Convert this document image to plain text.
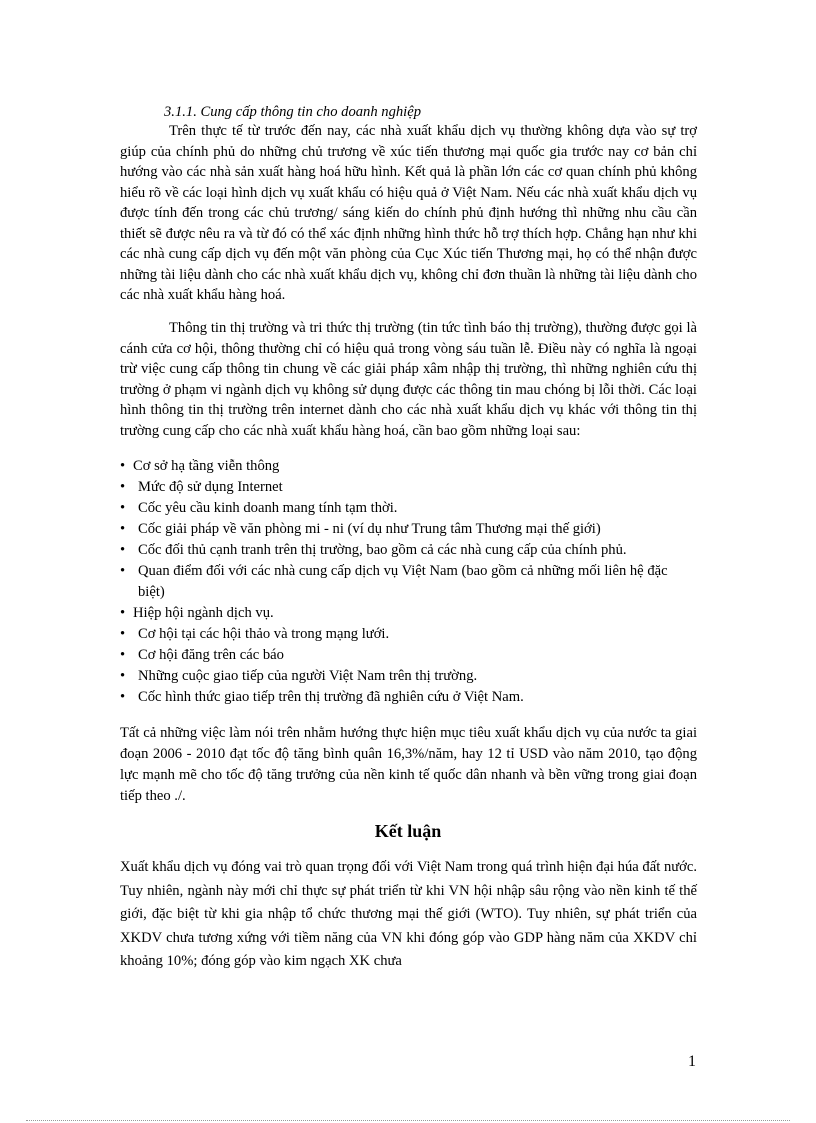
3.1.1. Cung cấp thông tin cho doanh nghiệp

Trên thực tế từ trước đến nay, các nhà xuất khẩu dịch vụ thường không dựa vào sự trợ giúp của chính phủ do những chủ trương về xúc tiến thương mại quốc gia trước nay cơ bản chỉ hướng vào các nhà sản xuất hàng hoá hữu hình. Kết quả là phần lớn các cơ quan chính phủ không hiểu rõ về các loại hình dịch vụ xuất khẩu có hiệu quả ở Việt Nam. Nếu các nhà xuất khẩu dịch vụ được tính đến trong các chủ trương/ sáng kiến do chính phủ định hướng thì những nhu cầu cần thiết sẽ được nêu ra và từ đó có thể xác định những hình thức hỗ trợ thích hợp. Chẳng hạn như khi các nhà cung cấp dịch vụ đến một văn phòng của Cục Xúc tiến Thương mại, họ có thể nhận được những tài liệu dành cho các nhà xuất khẩu dịch vụ, không chỉ đơn thuần là những tài liệu dành cho các nhà xuất khẩu hàng hoá.

Thông tin thị trường và tri thức thị trường (tin tức tình báo thị trường), thường được gọi là cánh cửa cơ hội, thông thường chỉ có hiệu quả trong vòng sáu tuần lễ. Điều này có nghĩa là ngoại trừ việc cung cấp thông tin chung về các giải pháp xâm nhập thị trường, thì những nghiên cứu thị trường ở phạm vi ngành dịch vụ không sử dụng được các thông tin mau chóng bị lỗi thời. Các loại hình thông tin thị trường trên internet dành cho các nhà xuất khẩu dịch vụ khác với thông tin thị trường cung cấp cho các nhà xuất khẩu hàng hoá, cần bao gồm những loại sau:

• Cơ sở hạ tầng viễn thông
• Mức độ sử dụng Internet
• Cốc yêu cầu kinh doanh mang tính tạm thời.
• Cốc giải pháp về văn phòng mi - ni (ví dụ như Trung tâm Thương mại thế giới)
• Cốc đối thủ cạnh tranh trên thị trường, bao gồm cả các nhà cung cấp của chính phủ.
• Quan điểm đối với các nhà cung cấp dịch vụ Việt Nam (bao gồm cả những mối liên hệ đặc biệt)
• Hiệp hội ngành dịch vụ.
• Cơ hội tại các hội thảo và trong mạng lưới.
• Cơ hội đăng trên các báo
• Những cuộc giao tiếp của người Việt Nam trên thị trường.
• Cốc hình thức giao tiếp trên thị trường đã nghiên cứu ở Việt Nam.

Tất cả những việc làm nói trên nhằm hướng thực hiện mục tiêu xuất khẩu dịch vụ của nước ta giai đoạn 2006 - 2010 đạt tốc độ tăng bình quân 16,3%/năm, hay 12 tỉ USD vào năm 2010, tạo động lực mạnh mẽ cho tốc độ tăng trưởng của nền kinh tế quốc dân nhanh và bền vững trong giai đoạn tiếp theo ./.

Kết luận

Xuất khẩu dịch vụ đóng vai trò quan trọng đối với Việt Nam trong quá trình hiện đại húa đất nước. Tuy nhiên, ngành này mới chỉ thực sự phát triển từ khi VN hội nhập sâu rộng vào nền kinh tế thế giới, đặc biệt từ khi gia nhập tổ chức thương mại thế giới (WTO). Tuy nhiên, sự phát triển của XKDV chưa tương xứng với tiềm năng của VN khi đóng góp vào GDP hàng năm của XKDV chỉ khoảng 10%; đóng góp vào kim ngạch XK chưa

1
